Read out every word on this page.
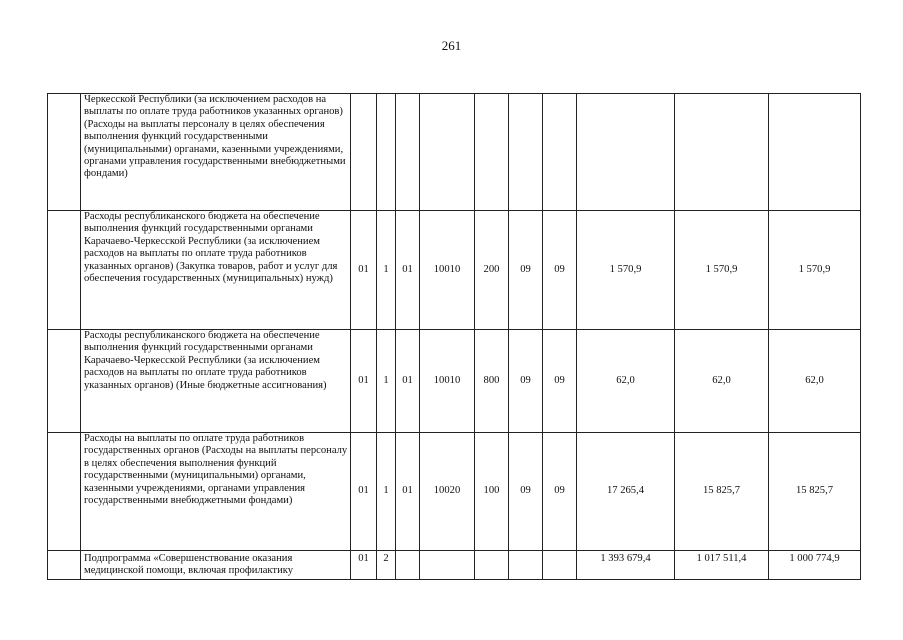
261
	Черкесской Республики (за исключением расходов на выплаты по оплате труда работников указанных органов) (Расходы на выплаты персоналу в целях обеспечения выполнения функций государственными (муниципальными) органами, казенными учреждениями, органами управления государственными внебюджетными фондами)										
	Расходы республиканского бюджета на обеспечение выполнения функций государственными органами Карачаево-Черкесской Республики (за исключением расходов на выплаты по оплате труда работников указанных органов) (Закупка товаров, работ и услуг для обеспечения государственных (муниципальных) нужд)	01	1	01	10010	200	09	09	1 570,9	1 570,9	1 570,9
	Расходы республиканского бюджета на обеспечение выполнения функций государственными органами Карачаево-Черкесской Республики (за исключением расходов на выплаты по оплате труда работников указанных органов) (Иные бюджетные ассигнования)	01	1	01	10010	800	09	09	62,0	62,0	62,0
	Расходы на выплаты по оплате труда работников государственных органов (Расходы на выплаты персоналу в целях обеспечения выполнения функций государственными (муниципальными) органами, казенными учреждениями, органами управления государственными внебюджетными фондами)	01	1	01	10020	100	09	09	17 265,4	15 825,7	15 825,7
	Подпрограмма «Совершенствование оказания медицинской помощи, включая профилактику	01	2						1 393 679,4	1 017 511,4	1 000 774,9
